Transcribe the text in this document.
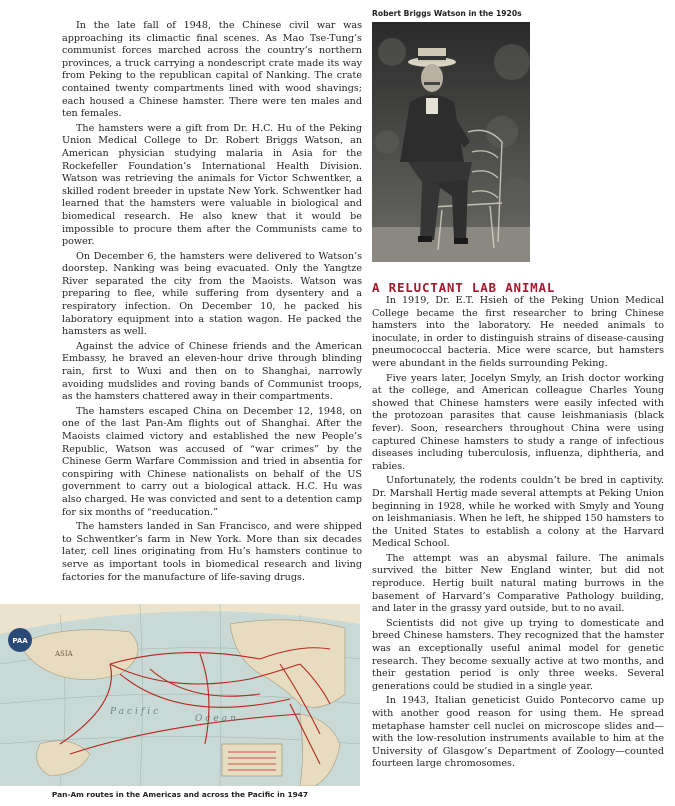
In the late fall of 1948, the Chinese civil war was approaching its climactic final scenes. As Mao Tse-Tung’s communist forces marched across the country’s northern provinces, a truck carrying a nondescript crate made its way from Peking to the republican capital of Nanking. The crate contained twenty compartments lined with wood shavings; each housed a Chinese hamster. There were ten males and ten females.

The hamsters were a gift from Dr. H.C. Hu of the Peking Union Medical College to Dr. Robert Briggs Watson, an American physician studying malaria in Asia for the Rockefeller Foundation’s International Health Division. Watson was retrieving the animals for Victor Schwentker, a skilled rodent breeder in upstate New York. Schwentker had learned that the hamsters were valuable in biological and biomedical research. He also knew that it would be impossible to procure them after the Communists came to power.

On December 6, the hamsters were delivered to Watson’s doorstep. Nanking was being evacuated. Only the Yangtze River separated the city from the Maoists. Watson was preparing to flee, while suffering from dysentery and a respiratory infection. On December 10, he packed his laboratory equipment into a station wagon. He packed the hamsters as well.

Against the advice of Chinese friends and the American Embassy, he braved an eleven-hour drive through blinding rain, first to Wuxi and then on to Shanghai, narrowly avoiding mudslides and roving bands of Communist troops, as the hamsters chattered away in their compartments.

The hamsters escaped China on December 12, 1948, on one of the last Pan-Am flights out of Shanghai. After the Maoists claimed victory and established the new People’s Republic, Watson was accused of “war crimes” by the Chinese Germ Warfare Commission and tried in absentia for conspiring with Chinese nationalists on behalf of the US government to carry out a biological attack. H.C. Hu was also charged. He was convicted and sent to a detention camp for six months of “reeducation.”

The hamsters landed in San Francisco, and were shipped to Schwentker’s farm in New York. More than six decades later, cell lines originating from Hu’s hamsters continue to serve as important tools in biomedical research and living factories for the manufacture of life-saving drugs.

Robert Briggs Watson in the 1920s
A RELUCTANT LAB ANIMAL

In 1919, Dr. E.T. Hsieh of the Peking Union Medical College became the first researcher to bring Chinese hamsters into the laboratory. He needed animals to inoculate, in order to distinguish strains of disease-causing pneumococcal bacteria. Mice were scarce, but hamsters were abundant in the fields surrounding Peking.

Five years later, Jocelyn Smyly, an Irish doctor working at the college, and American colleague Charles Young showed that Chinese hamsters were easily infected with the protozoan parasites that cause leishmaniasis (black fever). Soon, researchers throughout China were using captured Chinese hamsters to study a range of infectious diseases including tuberculosis, influenza, diphtheria, and rabies.

Unfortunately, the rodents couldn’t be bred in captivity. Dr. Marshall Hertig made several attempts at Peking Union beginning in 1928, while he worked with Smyly and Young on leishmaniasis. When he left, he shipped 150 hamsters to the United States to establish a colony at the Harvard Medical School.

The attempt was an abysmal failure. The animals survived the bitter New England winter, but did not reproduce. Hertig built natural mating burrows in the basement of Harvard’s Comparative Pathology building, and later in the grassy yard outside, but to no avail.

Scientists did not give up trying to domesticate and breed Chinese hamsters. They recognized that the hamster was an exceptionally useful animal model for genetic research. They become sexually active at two months, and their gestation period is only three weeks. Several generations could be studied in a single year.

In 1943, Italian geneticist Guido Pontecorvo came up with another good reason for using them. He spread metaphase hamster cell nuclei on microscope slides and—with the low-resolution instruments available to him at the University of Glasgow’s Department of Zoology—counted fourteen large chromosomes.

PAA
ASIA
Pacific
Ocean
Pan-Am routes in the Americas and across the Pacific in 1947
